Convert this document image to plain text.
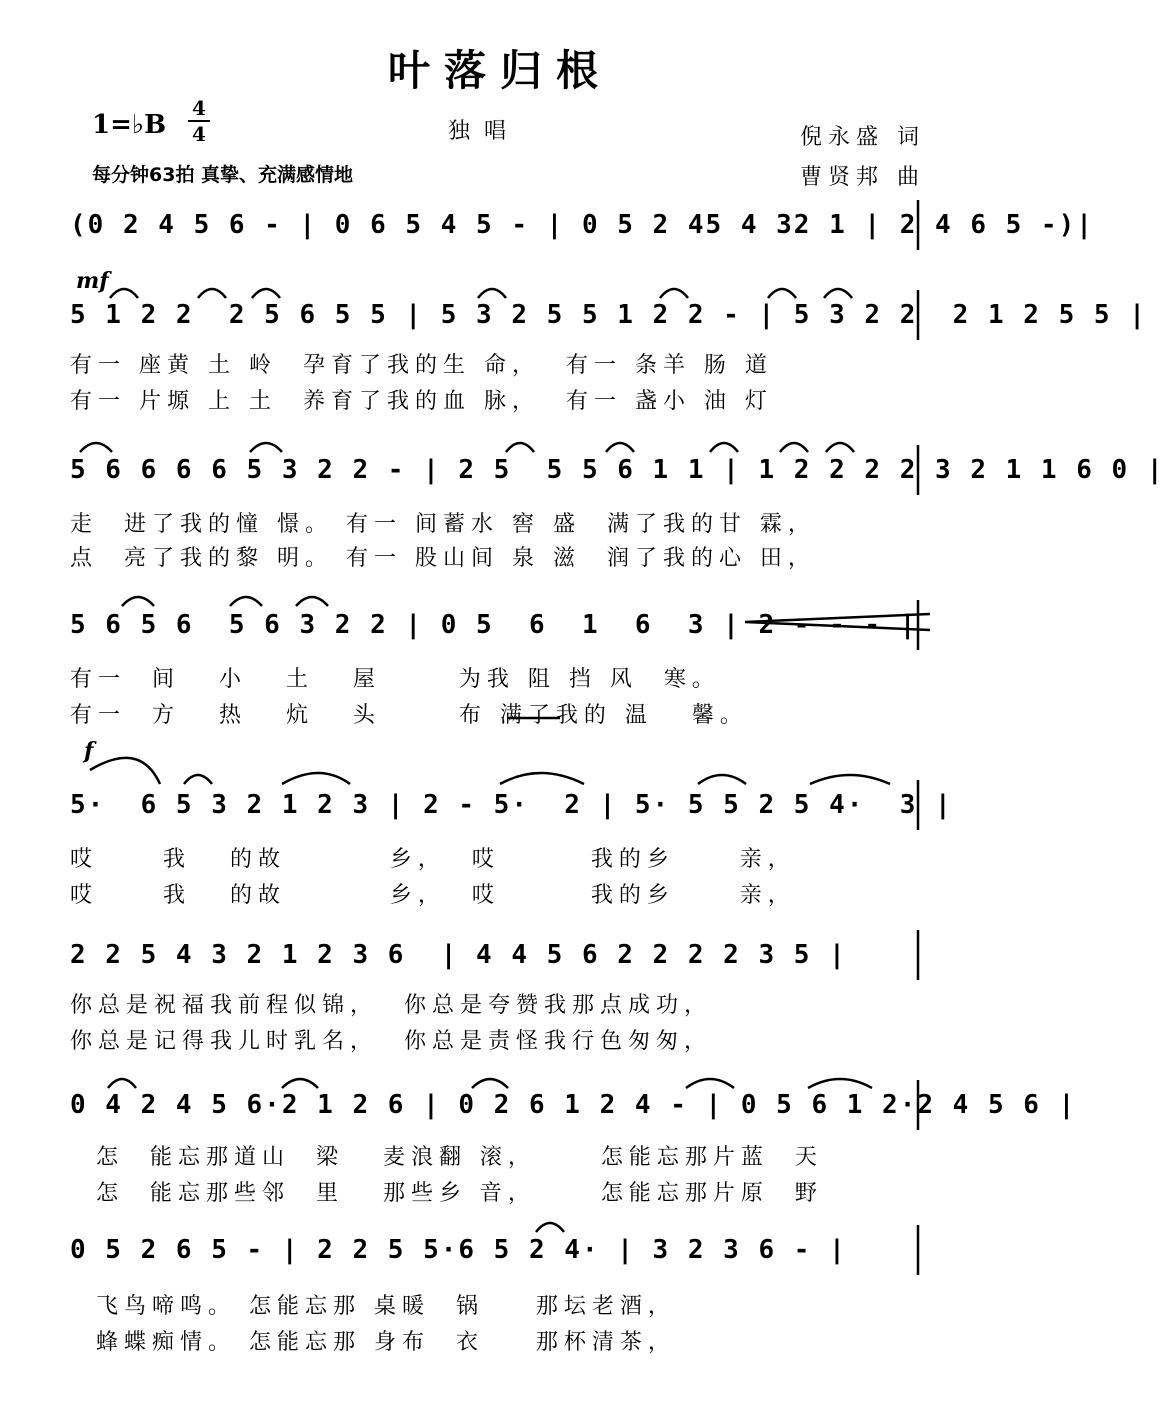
叶落归根
1=♭B $\frac{4}{4}$	独唱	倪永盛 词
每分钟63拍 真挚、充满感情地	曹贤邦 曲
mf
f
(0 2 4 5 6 - | 0 6 5 4 5 - | 0 5 2 45 4 32 1 | 2 4 6 5 -)|
5 1 2 2  2 5 6 5 5 | 5 3 2 5 5 1 2 2 - | 5 3 2 2  2 1 2 5 5 |
有一 座黄 土 岭  孕育了我的生 命，  有一 条羊 肠 道
有一 片塬 上 土  养育了我的血 脉，  有一 盏小 油 灯
5 6 6 6 6 5 3 2 2 - | 2 5  5 5 6 1 1 | 1 2 2 2 2 3 2 1 1 6 0 |
走  进了我的憧 憬。 有一 间蓄水 窖 盛  满了我的甘 霖，
点  亮了我的黎 明。 有一 股山间 泉 滋  润了我的心 田，
5 6 5 6  5 6 3 2 2 | 0 5  6  1  6  3 | 2 - - - |
有一  间   小   土   屋      为我 阻 挡 风  寒。
有一  方   热   炕   头      布 满了我的 温   馨。
5·  6 5 3 2 1 2 3 | 2 - 5·  2 | 5· 5 5 2 5 4·  3 |
哎     我   的故        乡，  哎       我的乡     亲，
哎     我   的故        乡，  哎       我的乡     亲，
2 2 5 4 3 2 1 2 3 6  | 4 4 5 6 2 2 2 2 3 5 |
你总是祝福我前程似锦，  你总是夸赞我那点成功，
你总是记得我儿时乳名，  你总是责怪我行色匆匆，
0 4 2 4 5 6·2 1 2 6 | 0 2 6 1 2 4 - | 0 5 6 1 2·2 4 5 6 |
怎  能忘那道山  梁   麦浪翻 滚，     怎能忘那片蓝  天
怎  能忘那些邻  里   那些乡 音，     怎能忘那片原  野
0 5 2 6 5 - | 2 2 5 5·6 5 2 4· | 3 2 3 6 - |
飞鸟啼鸣。 怎能忘那 桌暖  锅    那坛老酒，
蜂蝶痴情。 怎能忘那 身布  衣    那杯清茶，
